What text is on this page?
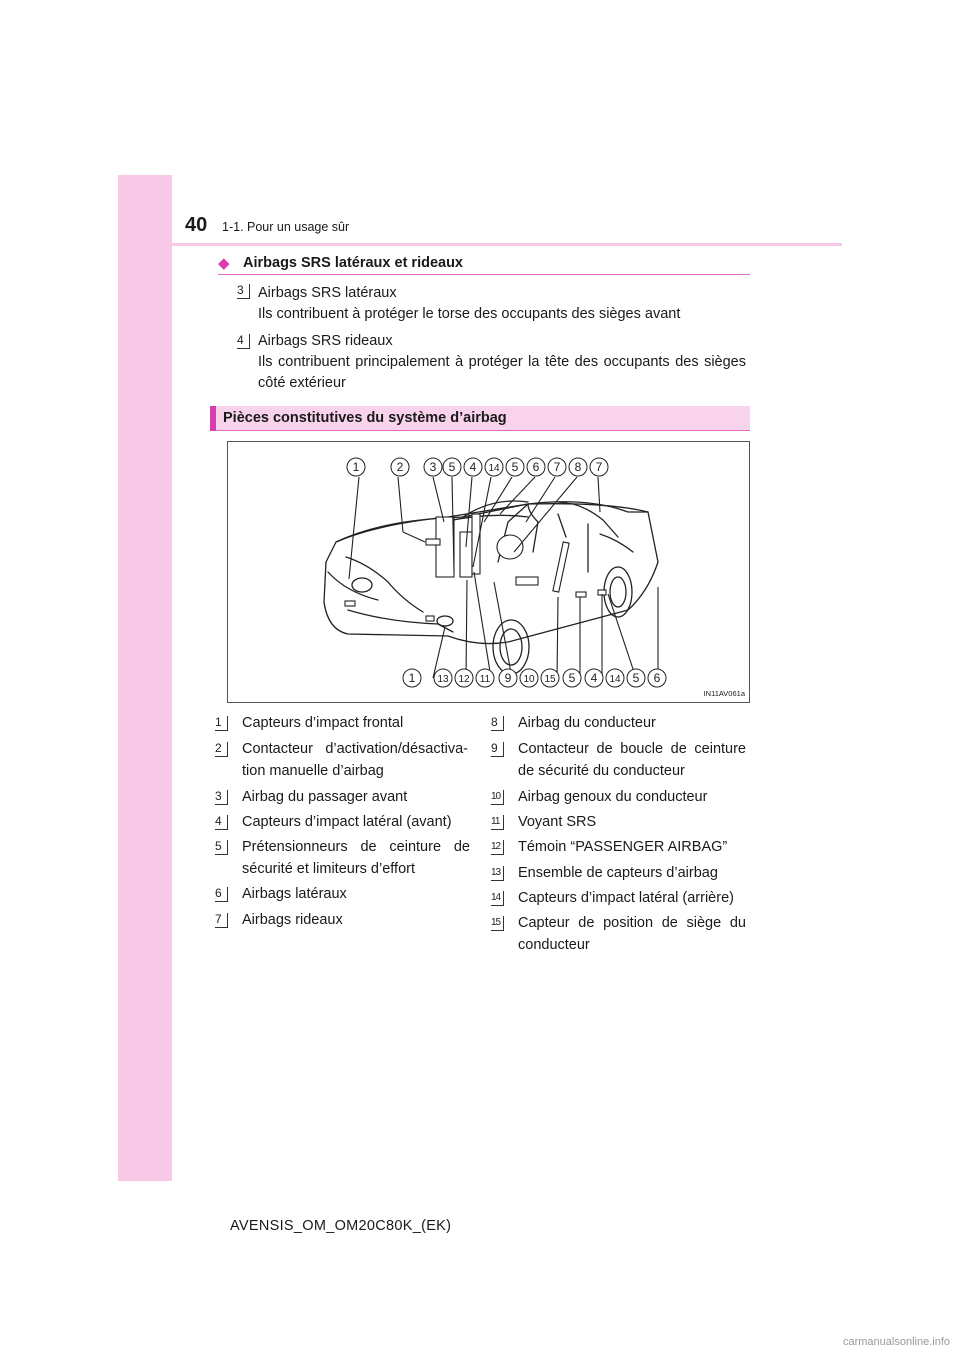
40 1-1. Pour un usage sûr
◆ Airbags SRS latéraux et rideaux
3 Airbags SRS latéraux
Ils contribuent à protéger le torse des occupants des sièges avant
4 Airbags SRS rideaux
Ils contribuent principalement à protéger la tête des occupants des sièges côté extérieur
Pièces constitutives du système d’airbag
1	2 3 5 4 14 5 6 7 8 7
1 13 12 11 9 10 15 5 4 14 5 6
IN11AV061a
1	Capteurs d’impact frontal
2	Contacteur d’activation/désactiva-tion manuelle d’airbag
3	Airbag du passager avant
4	Capteurs d’impact latéral (avant)
5	Prétensionneurs de ceinture de sécurité et limiteurs d’effort
6	Airbags latéraux
7	Airbags rideaux
8	Airbag du conducteur
9	Contacteur de boucle de ceinture de sécurité du conducteur
10 Airbag genoux du conducteur
11	Voyant SRS
12 Témoin “PASSENGER AIRBAG”
13 Ensemble de capteurs d’airbag
14 Capteurs d’impact latéral (arrière)
15 Capteur de position de siège du conducteur
AVENSIS_OM_OM20C80K_(EK)
carmanualsonline.info
